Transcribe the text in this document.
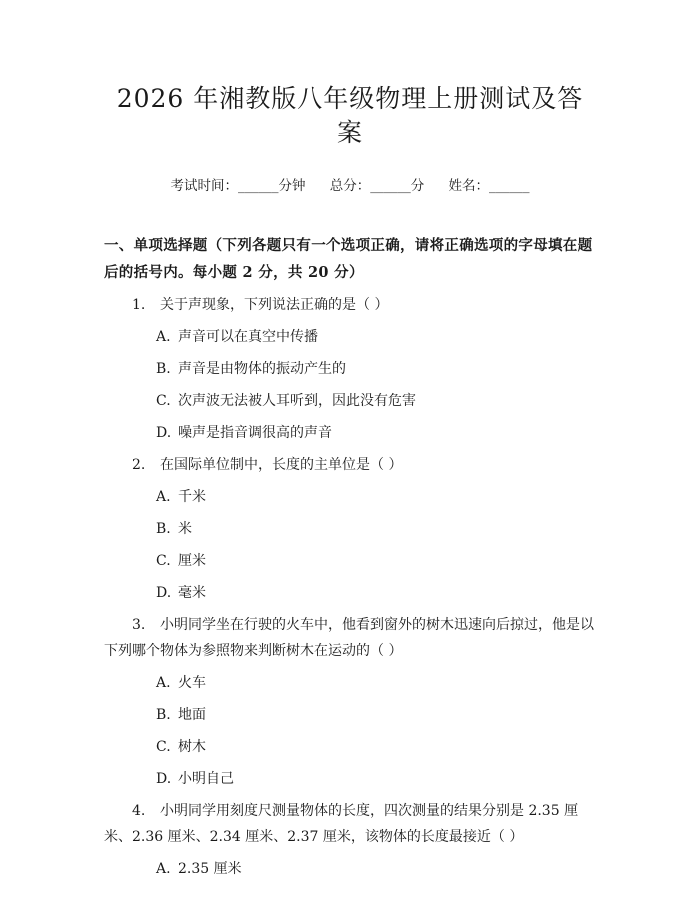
2026 年湘教版八年级物理上册测试及答案
考试时间：______分钟 总分：______分 姓名：______
一、单项选择题（下列各题只有一个选项正确，请将正确选项的字母填在题后的括号内。每小题 2 分，共 20 分）
1. 关于声现象，下列说法正确的是（ ）
A. 声音可以在真空中传播
B. 声音是由物体的振动产生的
C. 次声波无法被人耳听到，因此没有危害
D. 噪声是指音调很高的声音
2. 在国际单位制中，长度的主单位是（ ）
A. 千米
B. 米
C. 厘米
D. 毫米
3. 小明同学坐在行驶的火车中，他看到窗外的树木迅速向后掠过，他是以下列哪个物体为参照物来判断树木在运动的（ ）
A. 火车
B. 地面
C. 树木
D. 小明自己
4. 小明同学用刻度尺测量物体的长度，四次测量的结果分别是 2.35 厘米、2.36 厘米、2.34 厘米、2.37 厘米，该物体的长度最接近（ ）
A. 2.35 厘米
